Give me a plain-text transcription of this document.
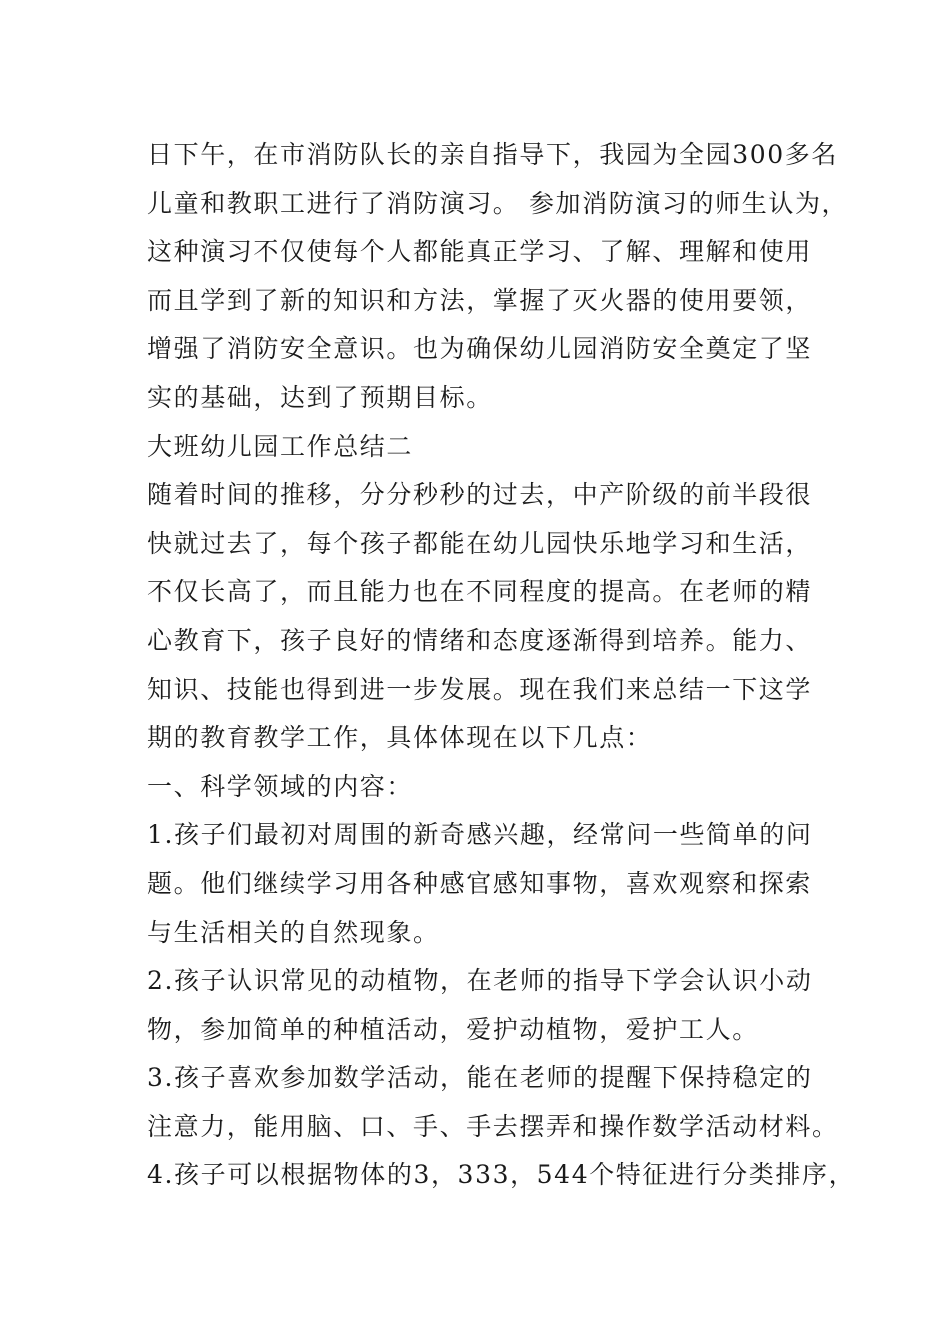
日下午，在市消防队长的亲自指导下，我园为全园300多名
儿童和教职工进行了消防演习。 参加消防演习的师生认为，
这种演习不仅使每个人都能真正学习、了解、理解和使用
而且学到了新的知识和方法，掌握了灭火器的使用要领，
增强了消防安全意识。也为确保幼儿园消防安全奠定了坚
实的基础，达到了预期目标。
大班幼儿园工作总结二
随着时间的推移，分分秒秒的过去，中产阶级的前半段很
快就过去了，每个孩子都能在幼儿园快乐地学习和生活，
不仅长高了，而且能力也在不同程度的提高。在老师的精
心教育下，孩子良好的情绪和态度逐渐得到培养。能力、
知识、技能也得到进一步发展。现在我们来总结一下这学
期的教育教学工作，具体体现在以下几点：
一、科学领域的内容：
1.孩子们最初对周围的新奇感兴趣，经常问一些简单的问
题。他们继续学习用各种感官感知事物，喜欢观察和探索
与生活相关的自然现象。
2.孩子认识常见的动植物，在老师的指导下学会认识小动
物，参加简单的种植活动，爱护动植物，爱护工人。
3.孩子喜欢参加数学活动，能在老师的提醒下保持稳定的
注意力，能用脑、口、手、手去摆弄和操作数学活动材料。
4.孩子可以根据物体的3，333，544个特征进行分类排序，
